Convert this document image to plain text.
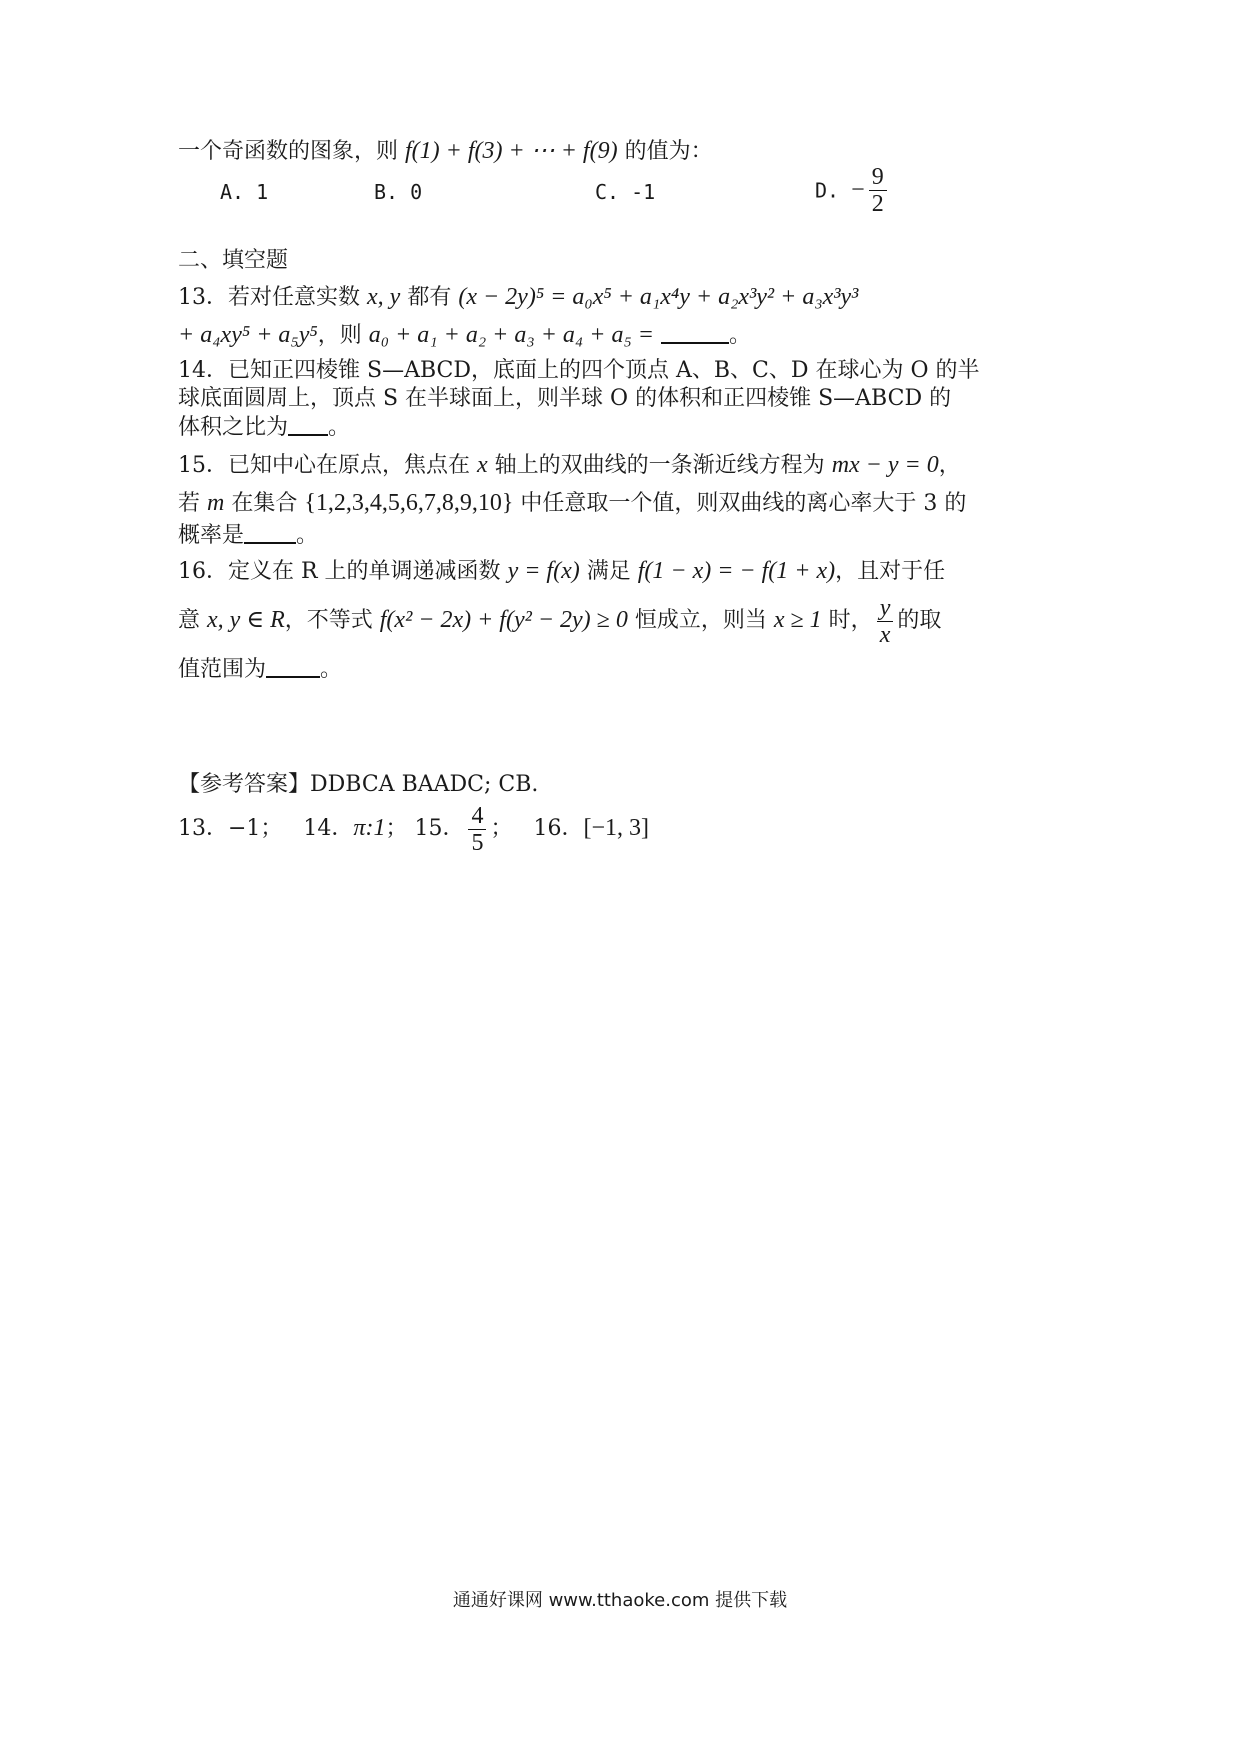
一个奇函数的图象，则 f(1) + f(3) + ⋯ + f(9) 的值为：
A. 1	B. 0	C. -1	D. − $\frac{9}{2}$
二、填空题
13．若对任意实数 x, y 都有 (x − 2y)⁵ = a₀x⁵ + a₁x⁴y + a₂x³y² + a₃x³y³
+ a₄xy⁵ + a₅y⁵，则 a₀ + a₁ + a₂ + a₃ + a₄ + a₅ =	。
14．已知正四棱锥 S—ABCD，底面上的四个顶点 A、B、C、D 在球心为 O 的半
球底面圆周上，顶点 S 在半球面上，则半球 O 的体积和正四棱锥 S—ABCD 的
体积之比为 。
15．已知中心在原点，焦点在 x 轴上的双曲线的一条渐近线方程为 mx − y = 0，
若 m 在集合 {1,2,3,4,5,6,7,8,9,10} 中任意取一个值，则双曲线的离心率大于 3 的
概率是 。
16．定义在 R 上的单调递减函数 y = f(x) 满足 f(1 − x) = − f(1 + x)，且对于任
意 x, y ∈ R，不等式 f(x² − 2x) + f(y² − 2y) ≥ 0 恒成立，则当 x ≥ 1 时， $\frac{y}{x}$ 的取
值范围为 。
【参考答案】DDBCA BAADC; CB.
13．−1； 14．π:1； 15． $\frac{4}{5}$ ； 16．[−1, 3]
通通好课网 www.tthaoke.com 提供下载
